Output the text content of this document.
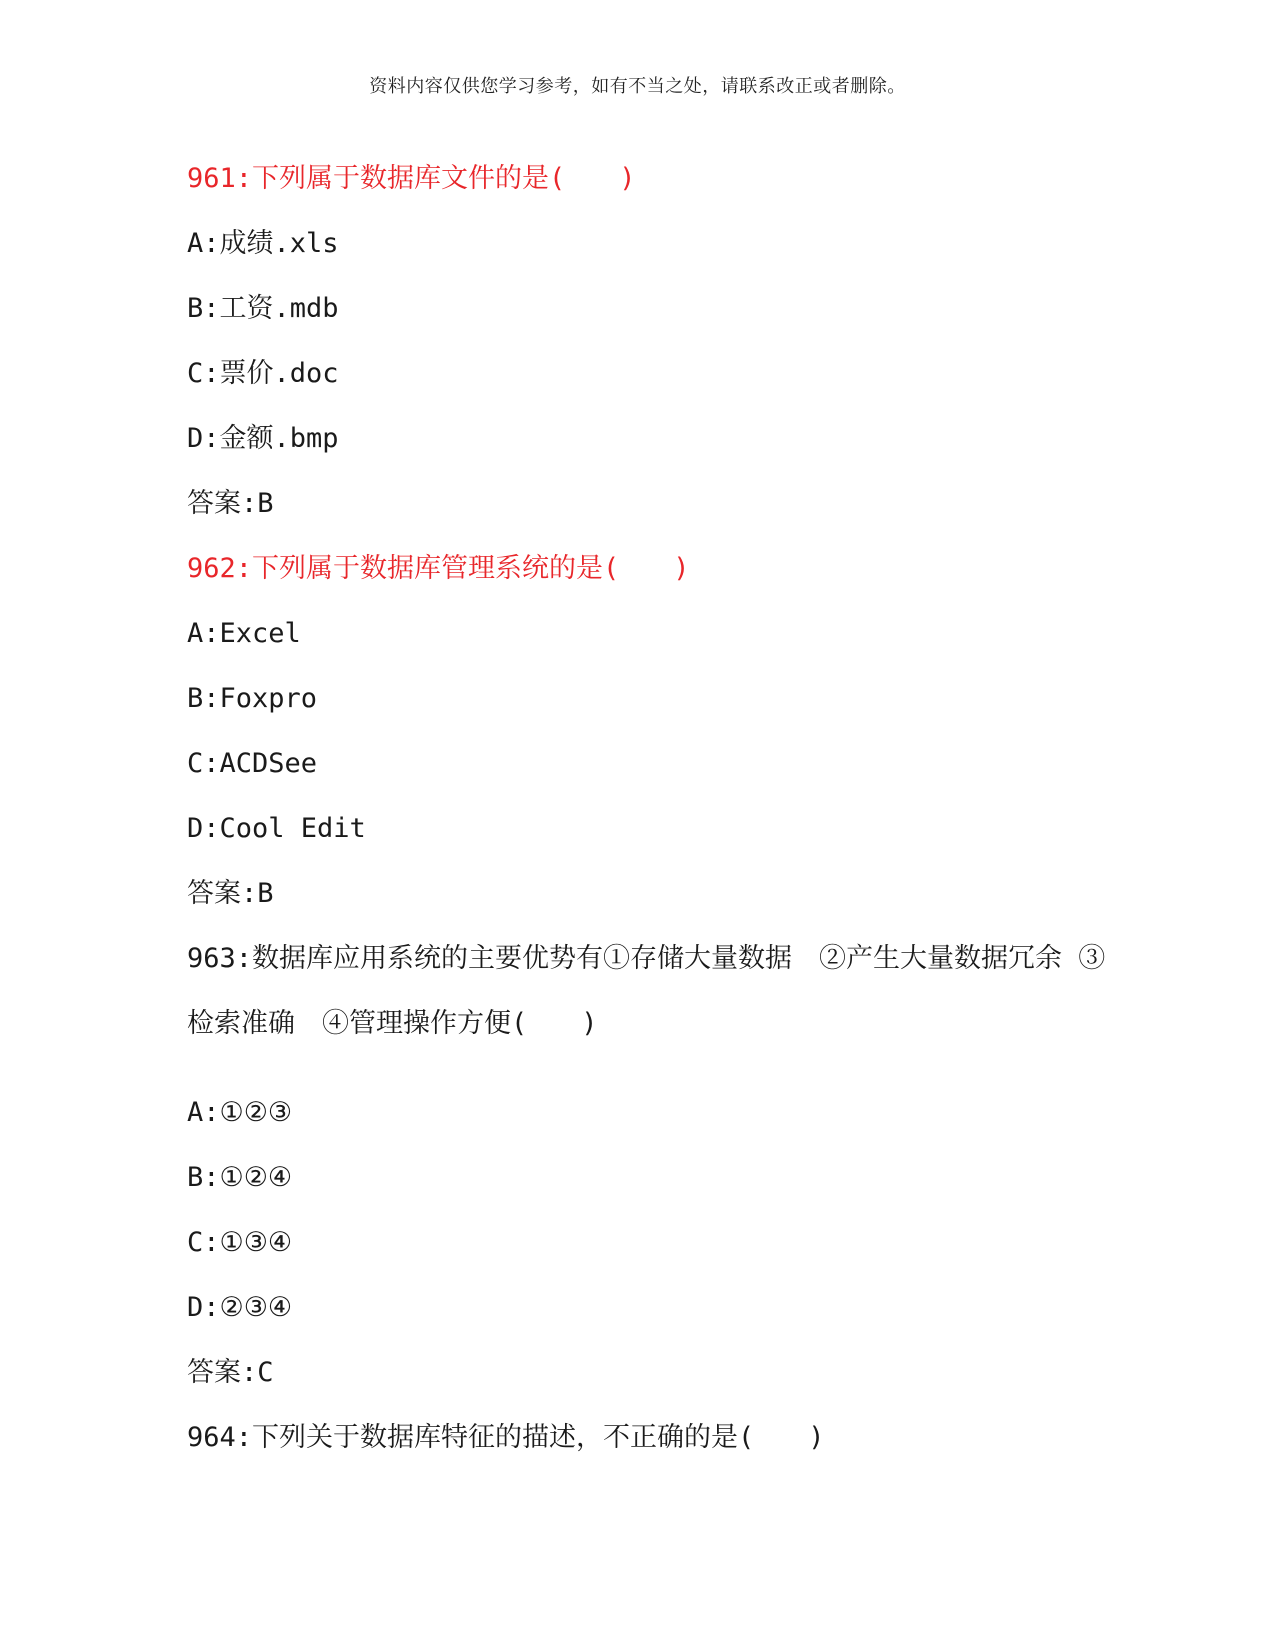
资料内容仅供您学习参考，如有不当之处，请联系改正或者删除。
961:下列属于数据库文件的是(　　)
A:成绩.xls
B:工资.mdb
C:票价.doc
D:金额.bmp
答案:B
962:下列属于数据库管理系统的是(　　)
A:Excel
B:Foxpro
C:ACDSee
D:Cool Edit
答案:B
963:数据库应用系统的主要优势有①存储大量数据　②产生大量数据冗余 ③检索准确　④管理操作方便(　　)
A:①②③
B:①②④
C:①③④
D:②③④
答案:C
964:下列关于数据库特征的描述，不正确的是(　　)
